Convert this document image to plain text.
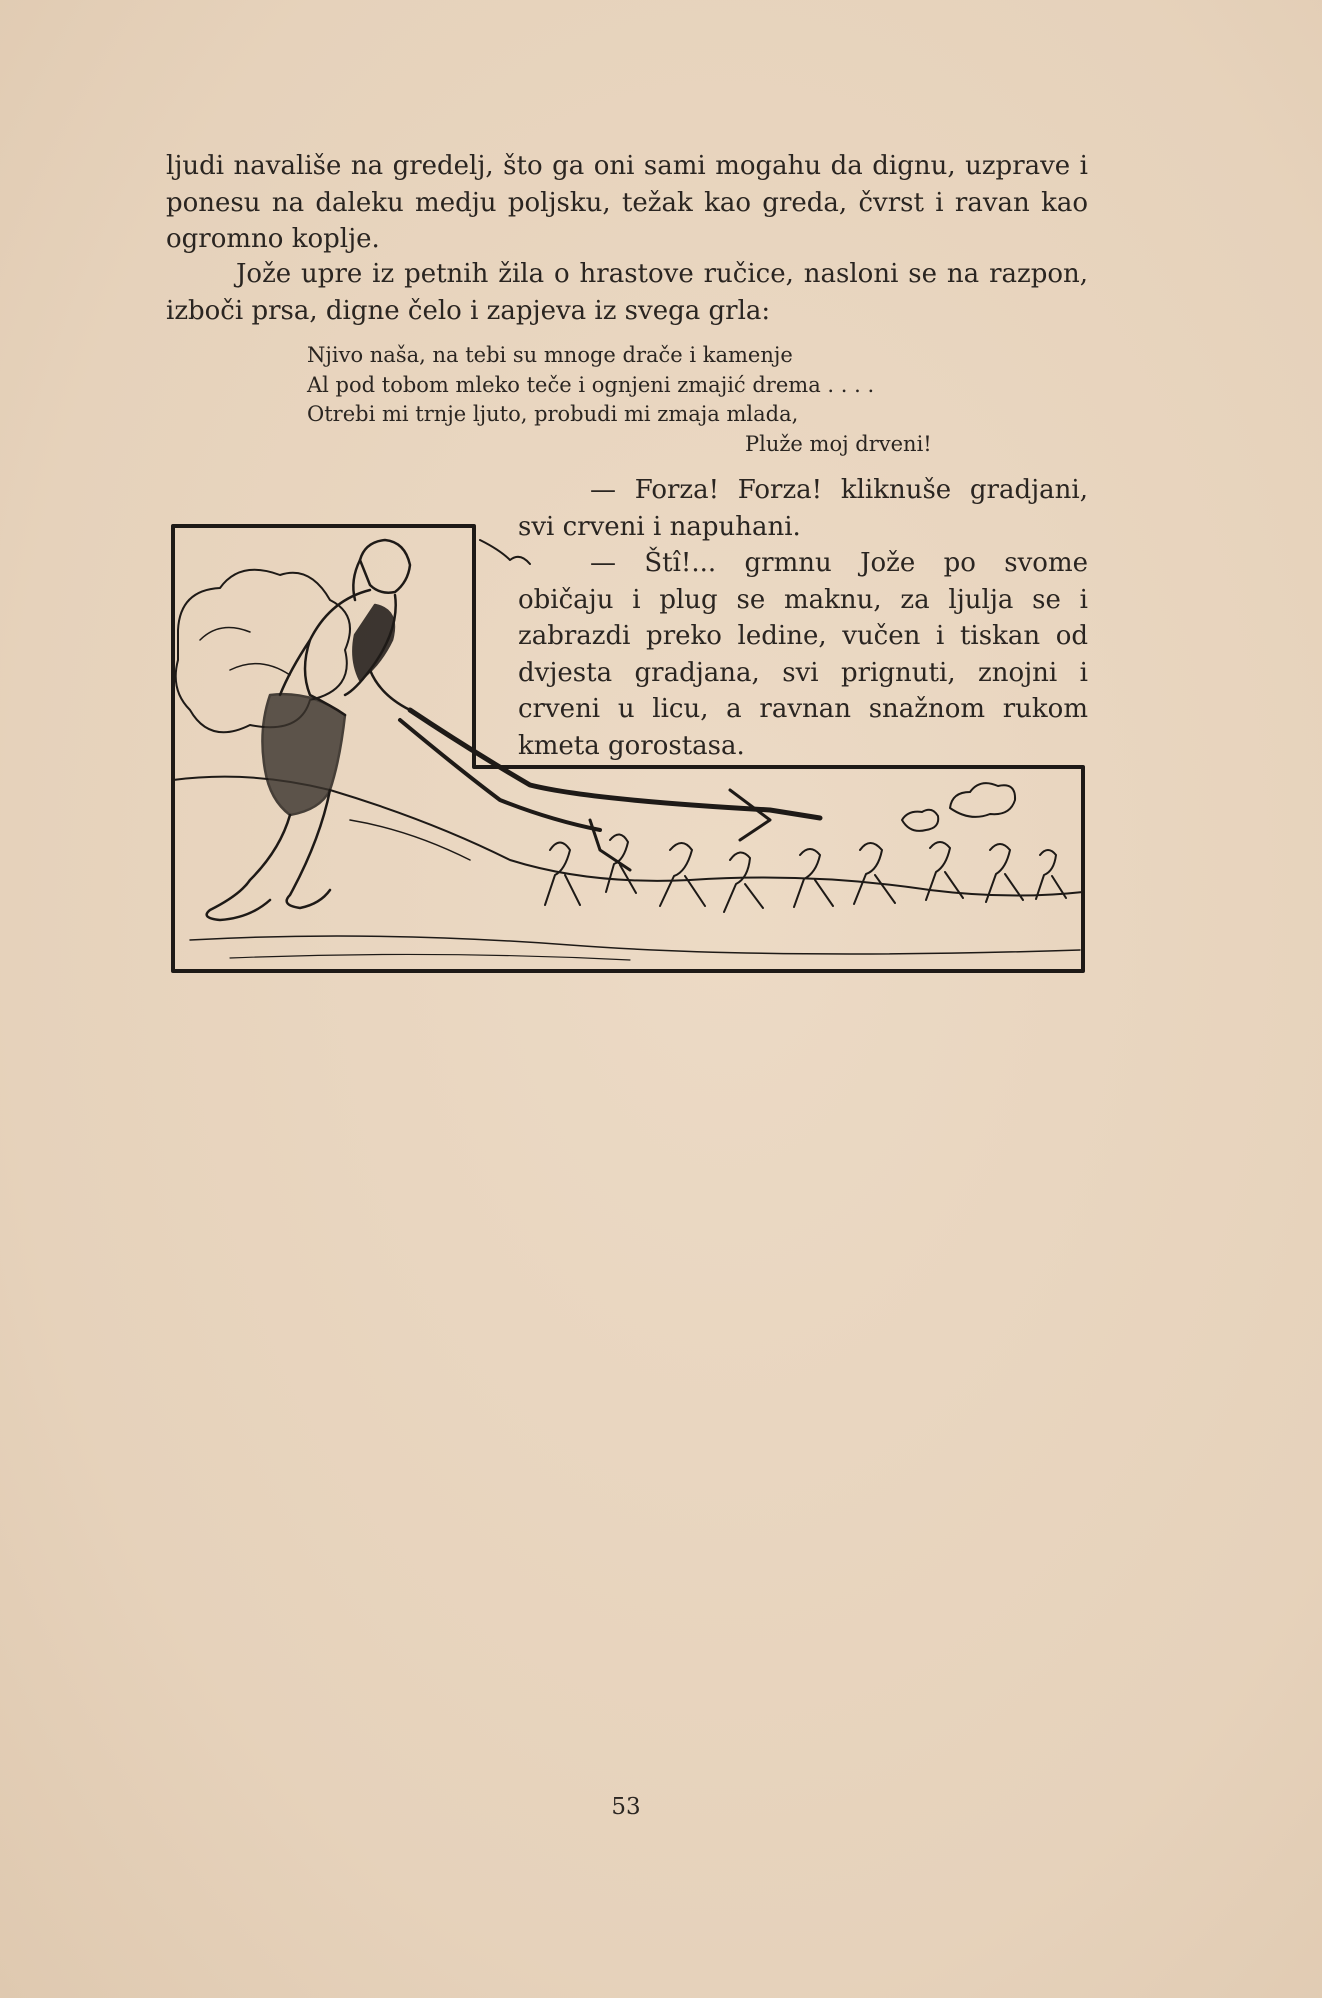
ljudi navališe na gredelj, što ga oni sami mogahu da dignu, uzprave i ponesu na daleku medju poljsku, težak kao greda, čvrst i ravan kao ogromno koplje.

Jože upre iz petnih žila o hrastove ručice, nasloni se na razpon, izboči prsa, digne čelo i zapjeva iz svega grla:

Njivo naša, na tebi su mnoge drače i kamenje
Al pod tobom mleko teče i ognjeni zmajić drema . . . .
Otrebi mi trnje ljuto, probudi mi zmaja mlada,
Pluže moj drveni!

— Forza! Forza! kliknuše gradjani, svi crveni i napuhani.

— Štî!... grmnu Jože po svome običaju i plug se maknu, za ljulja se i zabrazdi preko ledine, vučen i tiskan od dvjesta gradjana, svi prignuti, znojni i crveni u licu, a ravnan snažnom rukom kmeta gorostasa.

53
